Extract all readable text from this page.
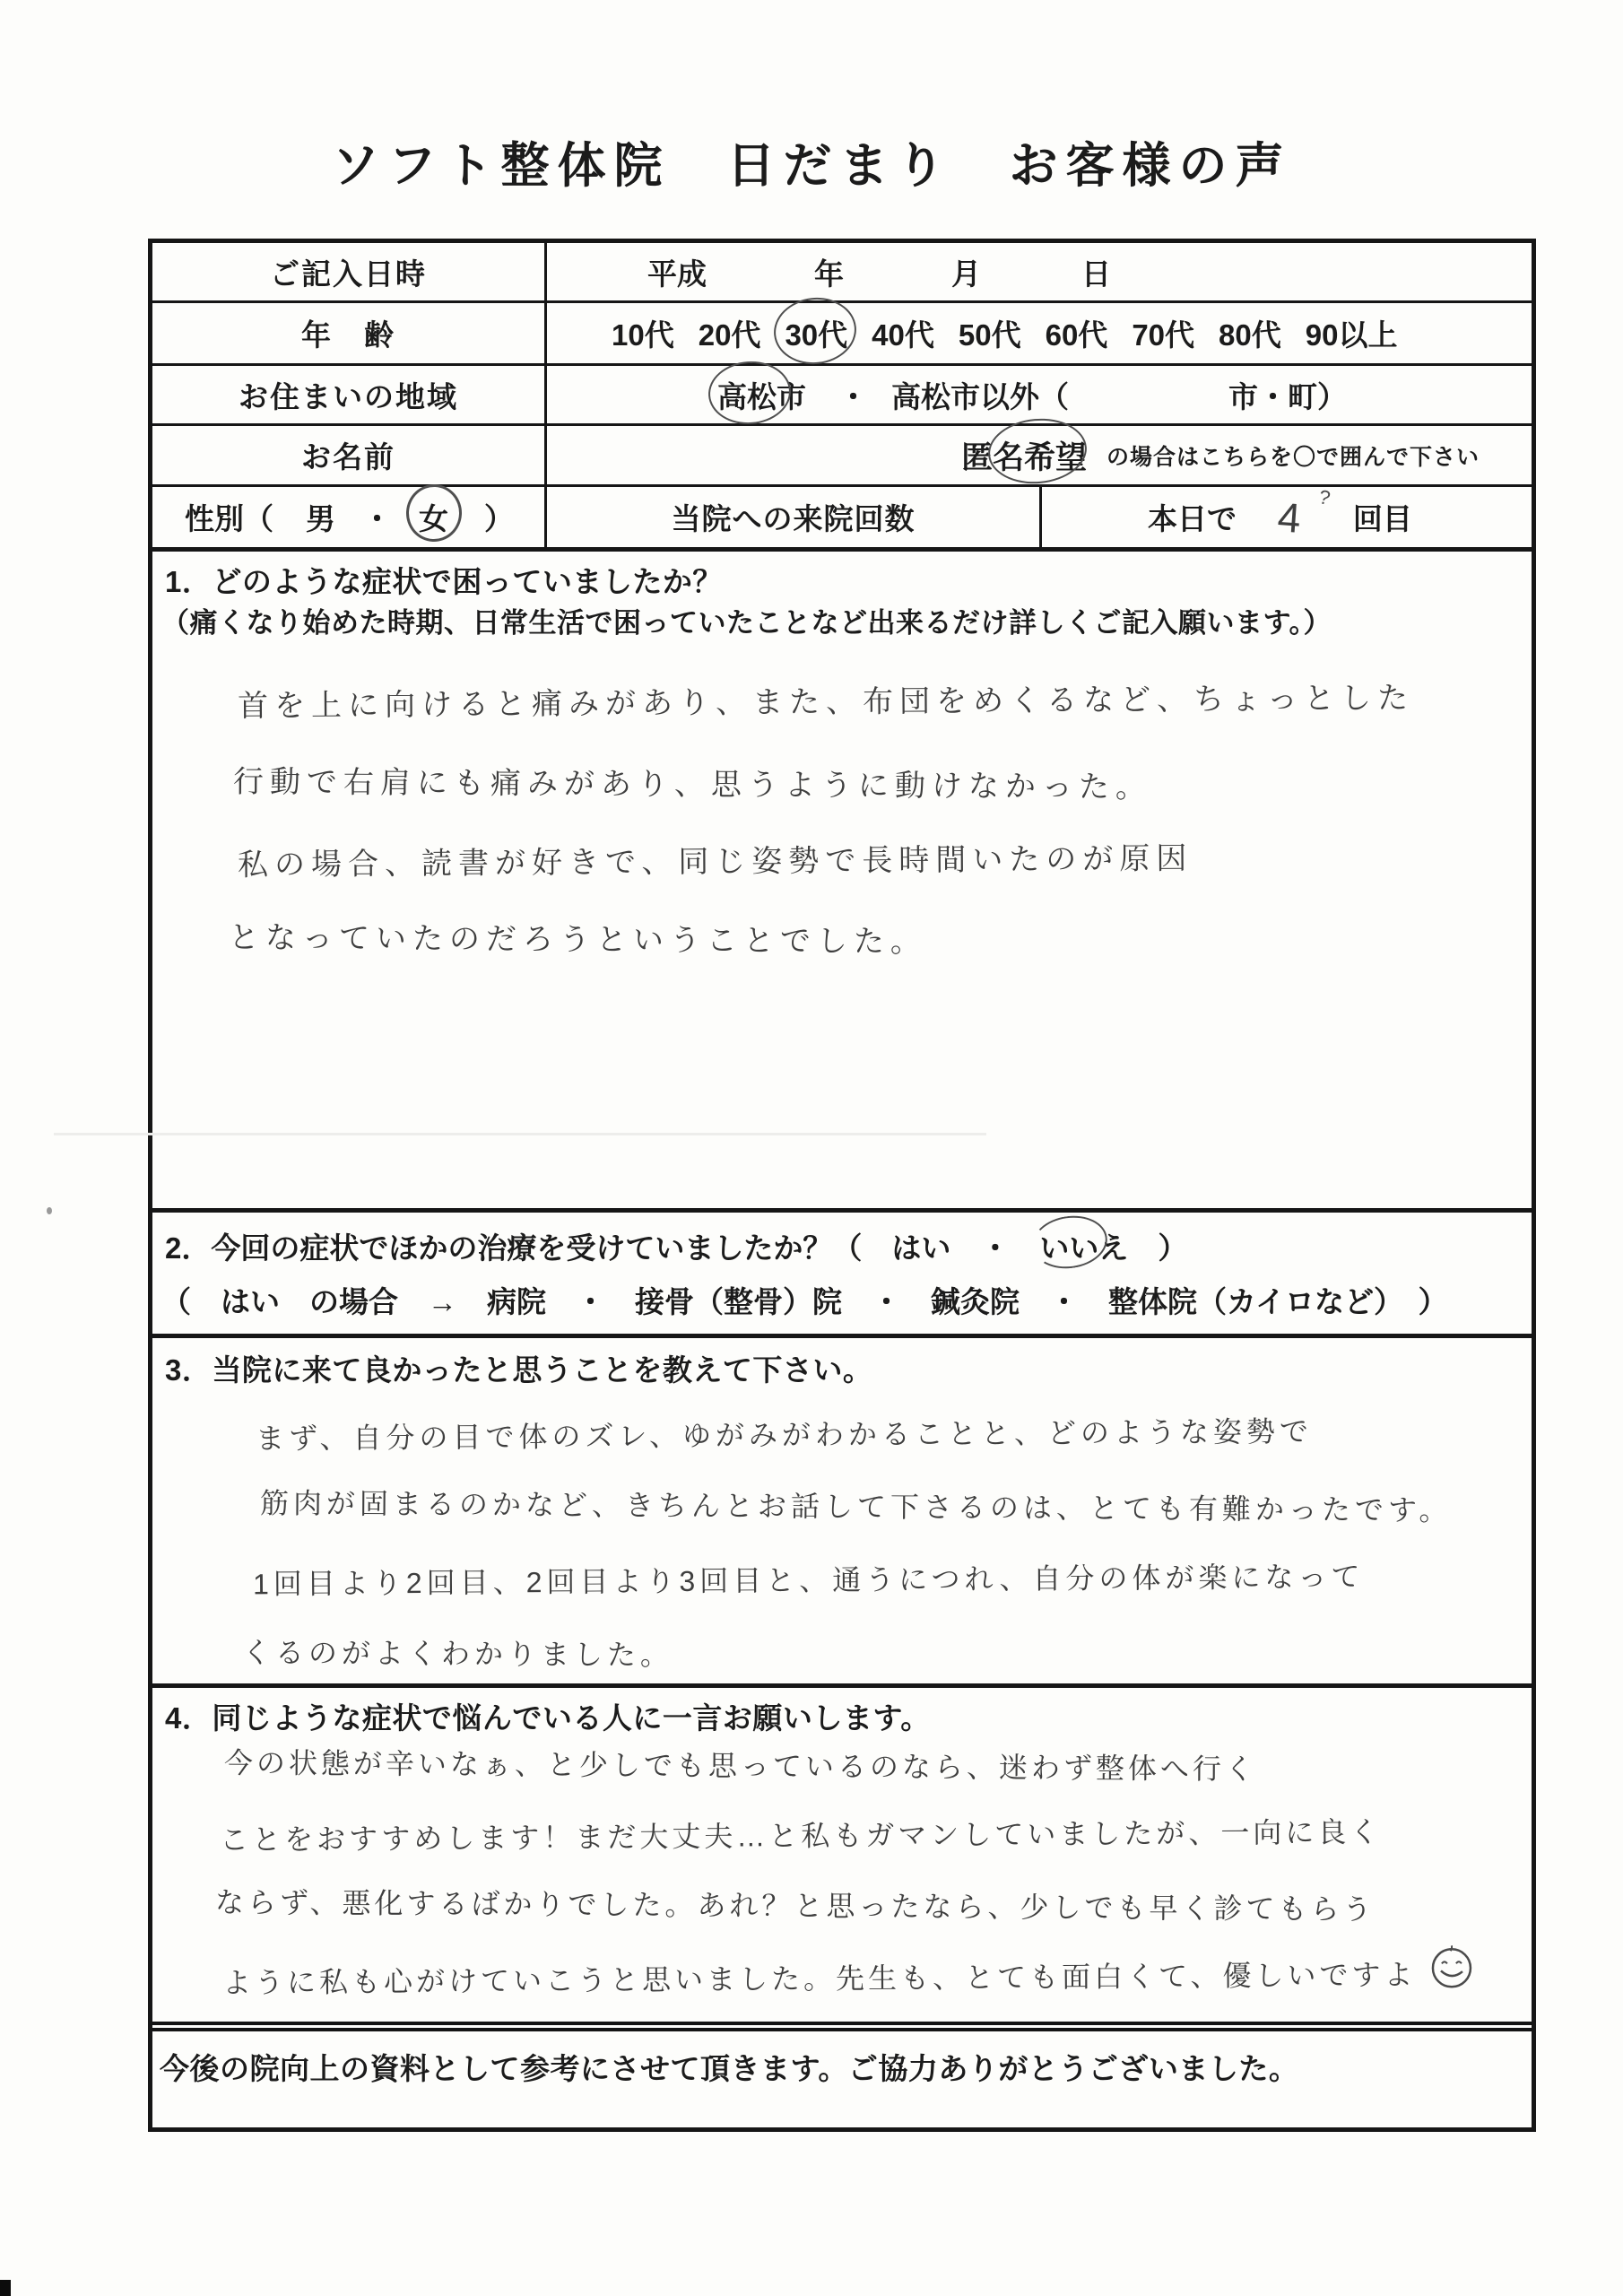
ソフト整体院　日だまり　お客様の声
ご記入日時	平成	年	月	日
年　齢	10代 20代 30代 40代 50代 60代 70代 80代 90以上
お住まいの地域	高松市 ・ 高松市以外（	市・町）
お名前	匿名希望 の場合はこちらを〇で囲んで下さい
性別（ 男 ・ 女 ）	当院への来院回数	本日で 4 ?
回目
1．どのような症状で困っていましたか？
（痛くなり始めた時期、日常生活で困っていたことなど出来るだけ詳しくご記入願います。）
首を上に向けると痛みがあり、また、布団をめくるなど、ちょっとした
行動で右肩にも痛みがあり、思うように動けなかった。
私の場合、読書が好きで、同じ姿勢で長時間いたのが原因
となっていたのだろうということでした。
2．今回の症状でほかの治療を受けていましたか？（　はい　・　いいえ
　）
（　はい　の場合　→　病院　・　接骨（整骨）院　・　鍼灸院　・　整体院（カイロなど）　）
3．当院に来て良かったと思うことを教えて下さい。
まず、自分の目で体のズレ、ゆがみがわかることと、どのような姿勢で
筋肉が固まるのかなど、きちんとお話して下さるのは、とても有難かったです。
1回目より2回目、2回目より3回目と、通うにつれ、自分の体が楽になって
くるのがよくわかりました。
4．同じような症状で悩んでいる人に一言お願いします。
今の状態が辛いなぁ、と少しでも思っているのなら、迷わず整体へ行く
ことをおすすめします！まだ大丈夫…と私もガマンしていましたが、一向に良く
ならず、悪化するばかりでした。あれ？と思ったなら、少しでも早く診てもらう
ように私も心がけていこうと思いました。先生も、とても面白くて、優しいですよ
今後の院向上の資料として参考にさせて頂きます。ご協力ありがとうございました。
